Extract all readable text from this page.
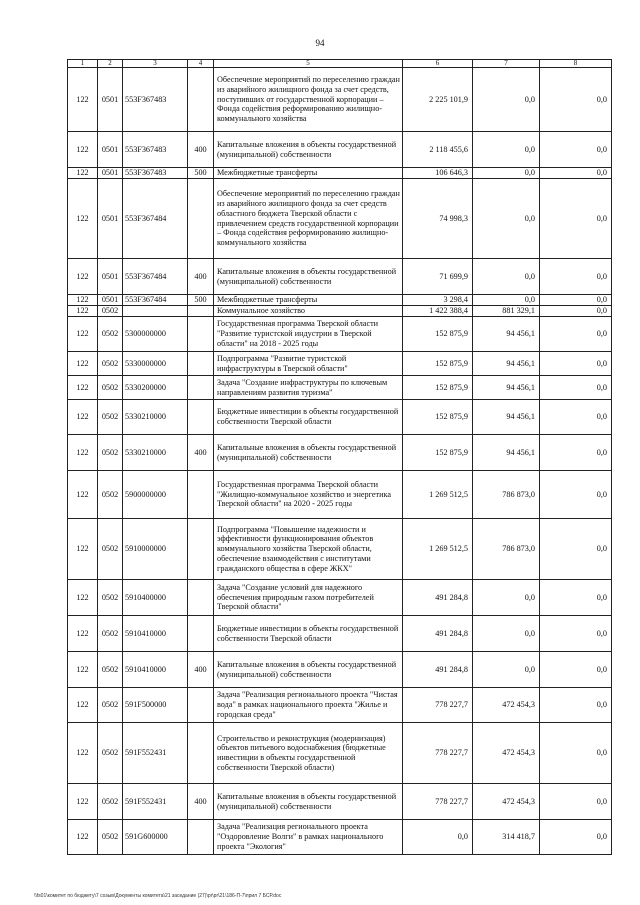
94
1	2	3	4	5	6	7	8
122	0501	553F367483		Обеспечение мероприятий по переселению граждан из аварийного жилищного фонда за счет средств, поступивших от государственной корпорации – Фонда содействия реформированию жилищно-коммунального хозяйства	2 225 101,9	0,0	0,0
122	0501	553F367483	400	Капитальные вложения в объекты государственной (муниципальной) собственности	2 118 455,6	0,0	0,0
122	0501	553F367483	500	Межбюджетные трансферты	106 646,3	0,0	0,0
122	0501	553F367484		Обеспечение мероприятий по переселению граждан из аварийного жилищного фонда за счет средств областного бюджета Тверской области с привлечением средств государственной корпорации – Фонда содействия реформированию жилищно-коммунального хозяйства	74 998,3	0,0	0,0
122	0501	553F367484	400	Капитальные вложения в объекты государственной (муниципальной) собственности	71 699,9	0,0	0,0
122	0501	553F367484	500	Межбюджетные трансферты	3 298,4	0,0	0,0
122	0502			Коммунальное хозяйство	1 422 388,4	881 329,1	0,0
122	0502	5300000000		Государственная программа Тверской области "Развитие туристской индустрии в Тверской области" на 2018 - 2025 годы	152 875,9	94 456,1	0,0
122	0502	5330000000		Подпрограмма "Развитие туристской инфраструктуры в Тверской области"	152 875,9	94 456,1	0,0
122	0502	5330200000		Задача "Создание инфраструктуры по ключевым направлениям развития туризма"	152 875,9	94 456,1	0,0
122	0502	5330210000		Бюджетные инвестиции в объекты государственной собственности Тверской области	152 875,9	94 456,1	0,0
122	0502	5330210000	400	Капитальные вложения в объекты государственной (муниципальной) собственности	152 875,9	94 456,1	0,0
122	0502	5900000000		Государственная программа Тверской области "Жилищно-коммунальное хозяйство и энергетика Тверской области" на 2020 - 2025 годы	1 269 512,5	786 873,0	0,0
122	0502	5910000000		Подпрограмма "Повышение надежности и эффективности функционирования объектов коммунального хозяйства Тверской области, обеспечение взаимодействия с институтами гражданского общества в сфере ЖКХ"	1 269 512,5	786 873,0	0,0
122	0502	5910400000		Задача "Создание условий для надежного обеспечения природным газом потребителей Тверской области"	491 284,8	0,0	0,0
122	0502	5910410000		Бюджетные инвестиции в объекты государственной собственности Тверской области	491 284,8	0,0	0,0
122	0502	5910410000	400	Капитальные вложения в объекты государственной (муниципальной) собственности	491 284,8	0,0	0,0
122	0502	591F500000		Задача "Реализация регионального проекта "Чистая вода" в рамках национального проекта "Жилье и городская среда"	778 227,7	472 454,3	0,0
122	0502	591F552431		Строительство и реконструкция (модернизация) объектов питьевого водоснабжения (бюджетные инвестиции в объекты государственной собственности Тверской области)	778 227,7	472 454,3	0,0
122	0502	591F552431	400	Капитальные вложения в объекты государственной (муниципальной) собственности	778 227,7	472 454,3	0,0
122	0502	591G600000		Задача "Реализация регионального проекта "Оздоровление Волги" в рамках национального проекта "Экология"	0,0	314 418,7	0,0
\\fs01\комитет по бюджету\7 созыв\Документы комитета\21 заседание (27)\pr\pr\21\186-П-7\прил 7 БСР.doc
